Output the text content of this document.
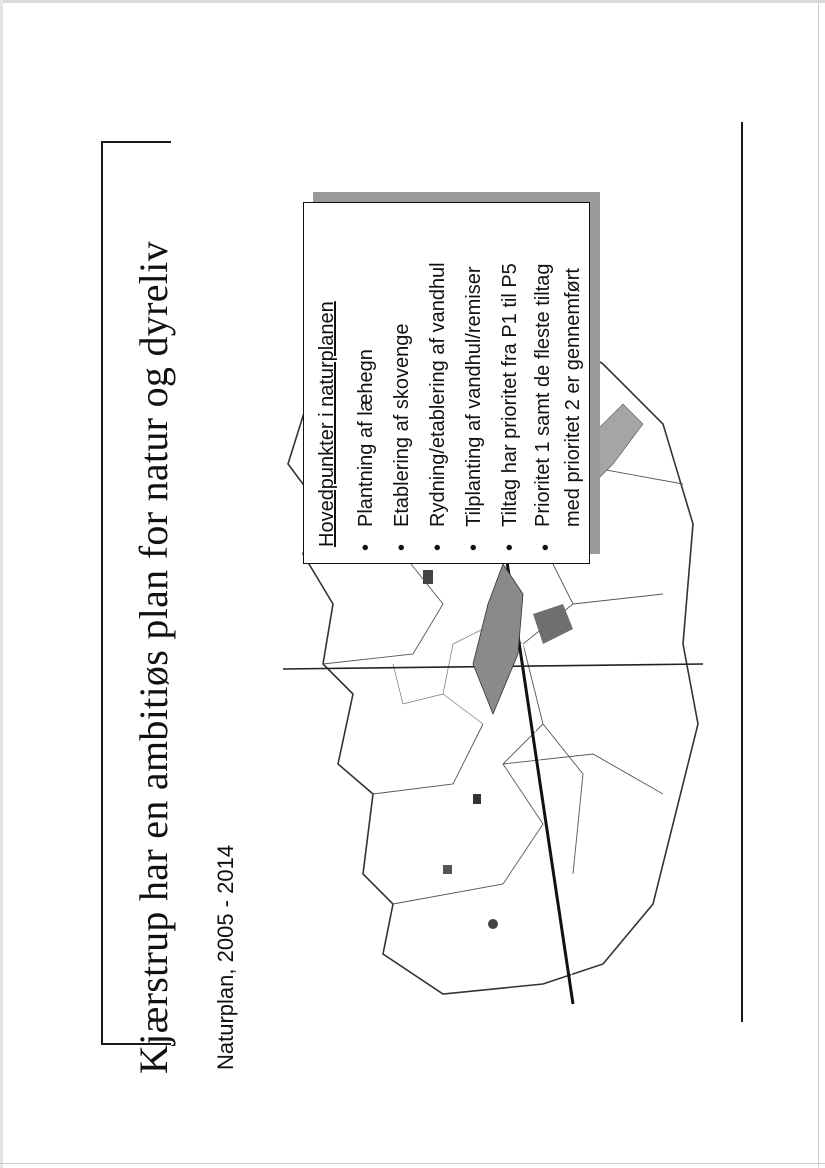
Kjærstrup har en ambitiøs plan for natur og dyreliv Naturplan, 2005 - 2014
Hovedpunkter i naturplanen
•
Plantning af læhegn
•
Etablering af skovenge
•
Rydning/etablering af vandhul
•
Tilplanting af vandhul/remiser
•
Tiltag har prioritet fra P1 til P5
•
Prioritet 1 samt de fleste tiltag med prioritet 2 er gennemført
